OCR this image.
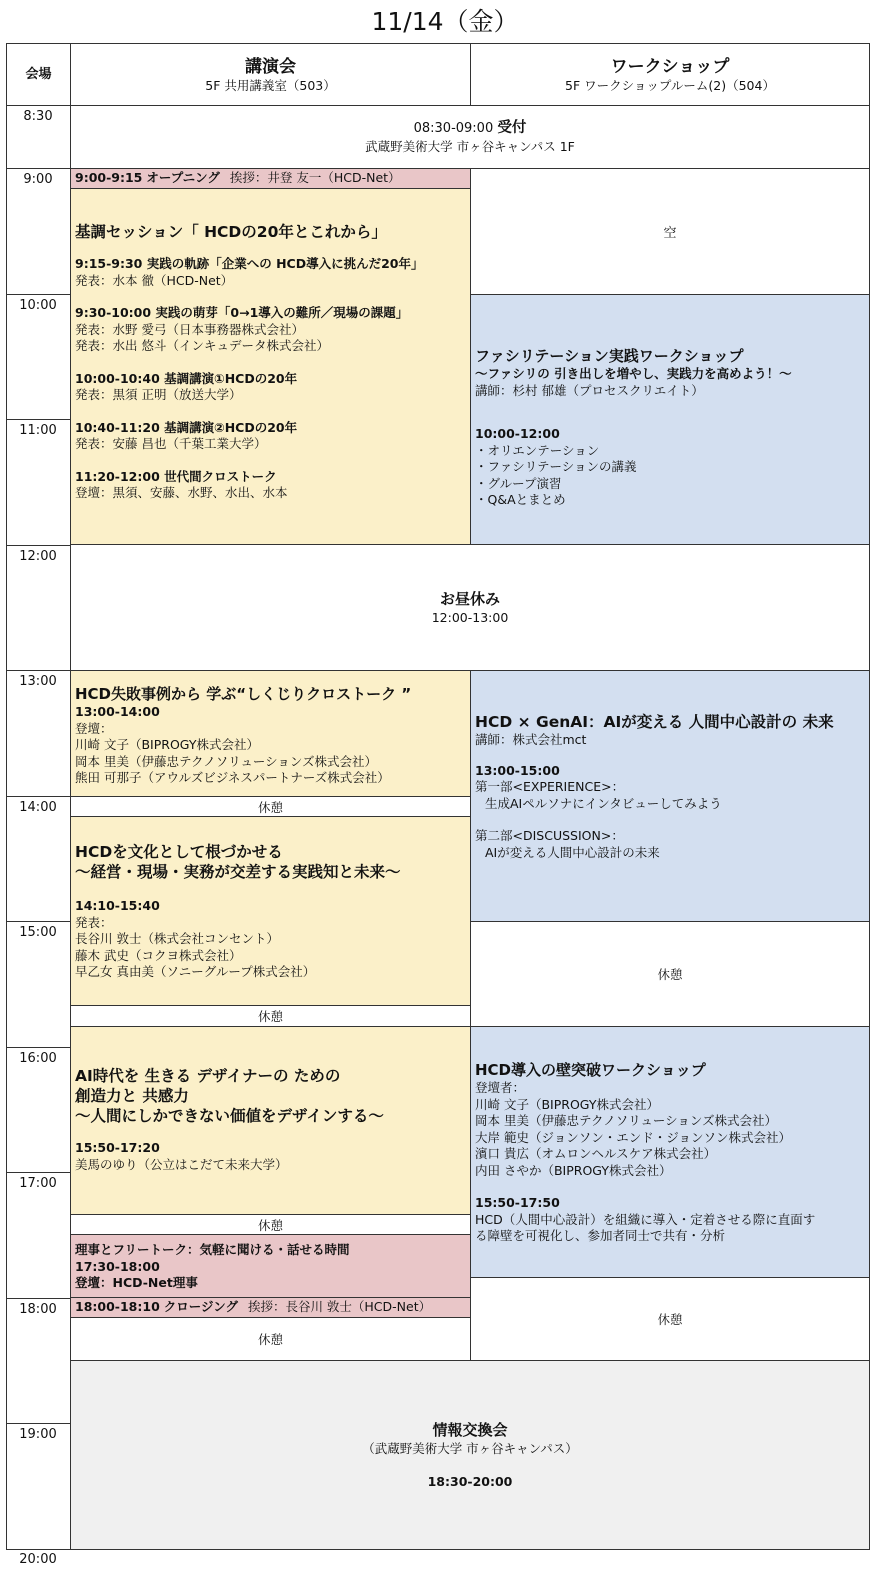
11/14（金）
会場	講演会
5F 共用講義室（503）
ワークショップ
5F ワークショップルーム(2)（504）
8:30
9:00
10:00
11:00
12:00
13:00
14:00
15:00
16:00
17:00
18:00
19:00
20:00
08:30-09:00 受付
武蔵野美術大学 市ヶ谷キャンパス 1F
9:00-9:15 オープニング 挨拶：井登 友一（HCD-Net）
基調セッション「 HCDの20年とこれから」
9:15-9:30 実践の軌跡「企業への HCD導入に挑んだ20年」
発表：水本 徹（HCD-Net）
9:30-10:00 実践の萌芽「0→1導入の難所／現場の課題」
発表：水野 愛弓（日本事務器株式会社）
発表：水出 悠斗（インキュデータ株式会社）
10:00-10:40 基調講演①HCDの20年
発表：黒須 正明（放送大学）
10:40-11:20 基調講演②HCDの20年
発表：安藤 昌也（千葉工業大学）
11:20-12:00 世代間クロストーク
登壇：黒須、安藤、水野、水出、水本
空
ファシリテーション実践ワークショップ
～ファシリの 引き出しを増やし、実践力を高めよう！～
講師：杉村 郁雄（プロセスクリエイト）
10:00-12:00
・オリエンテーション
・ファシリテーションの講義
・グループ演習
・Q&Aとまとめ
お昼休み
12:00-13:00
HCD失敗事例から 学ぶ“しくじりクロストーク ”
13:00-14:00
登壇：
川崎 文子（BIPROGY株式会社）
岡本 里美（伊藤忠テクノソリューションズ株式会社）
熊田 可那子（アウルズビジネスパートナーズ株式会社）
休憩
HCD × GenAI：AIが変える 人間中心設計の 未来
講師：株式会社mct
13:00-15:00
第一部<EXPERIENCE>：
生成AIペルソナにインタビューしてみよう
第二部<DISCUSSION>：
AIが変える人間中心設計の未来
HCDを文化として根づかせる
～経営・現場・実務が交差する実践知と未来～
14:10-15:40
発表：
長谷川 敦士（株式会社コンセント）
藤木 武史（コクヨ株式会社）
早乙女 真由美（ソニーグループ株式会社）	休憩
休憩
AI時代を 生きる デザイナーの ための
創造力と 共感力
～人間にしかできない価値をデザインする～
15:50-17:20
美馬のゆり（公立はこだて未来大学）
HCD導入の壁突破ワークショップ
登壇者：
川崎 文子（BIPROGY株式会社）
岡本 里美（伊藤忠テクノソリューションズ株式会社）
大岸 範史（ジョンソン・エンド・ジョンソン株式会社）
濱口 貴広（オムロンヘルスケア株式会社）
内田 さやか（BIPROGY株式会社）
15:50-17:50
HCD（人間中心設計）を組織に導入・定着させる際に直面す
る障壁を可視化し、参加者同士で共有・分析
休憩
理事とフリートーク：気軽に聞ける・話せる時間
17:30-18:00
登壇：HCD-Net理事
18:00-18:10 クロージング 挨拶：長谷川 敦士（HCD-Net）
休憩
休憩
情報交換会
（武蔵野美術大学 市ヶ谷キャンパス）
18:30-20:00
